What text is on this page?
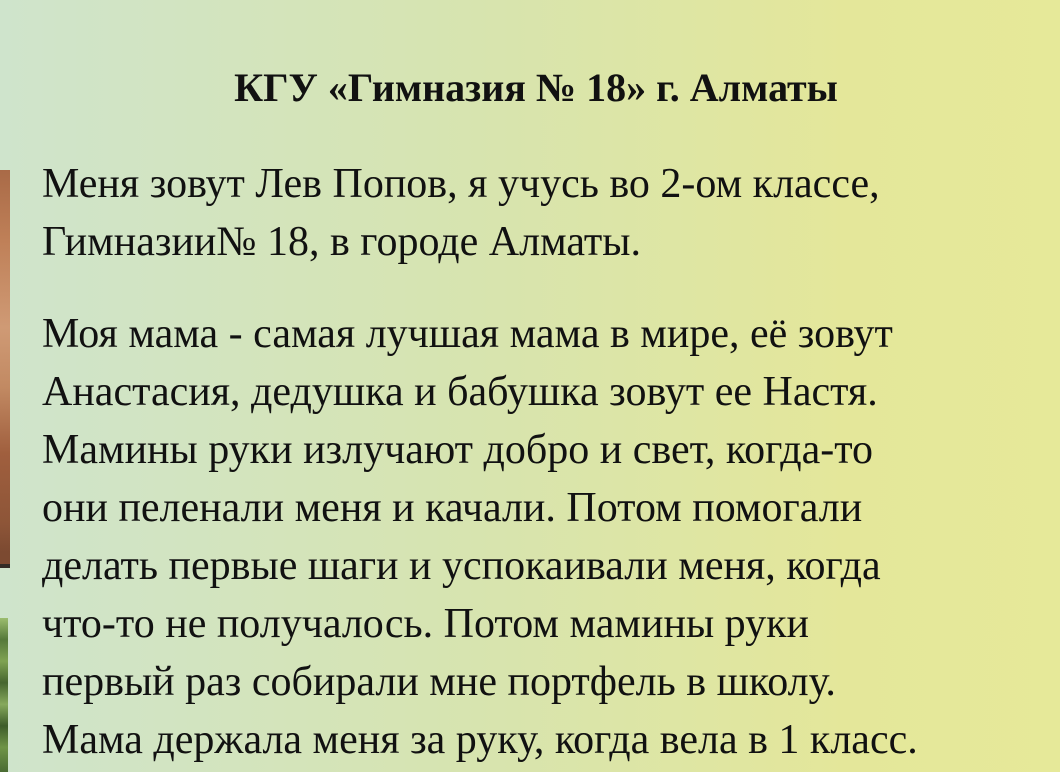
КГУ «Гимназия № 18» г. Алматы
Меня зовут Лев Попов, я учусь во 2-ом классе,
Гимназии№ 18, в городе Алматы.
Моя мама - самая лучшая мама в мире, её зовут
Анастасия, дедушка и бабушка зовут ее Настя.
Мамины руки излучают добро и свет, когда-то
они пеленали меня и качали. Потом помогали
делать первые шаги и успокаивали меня, когда
что-то не получалось. Потом мамины руки
первый раз собирали мне портфель в школу.
Мама держала меня за руку, когда вела в 1 класс.
